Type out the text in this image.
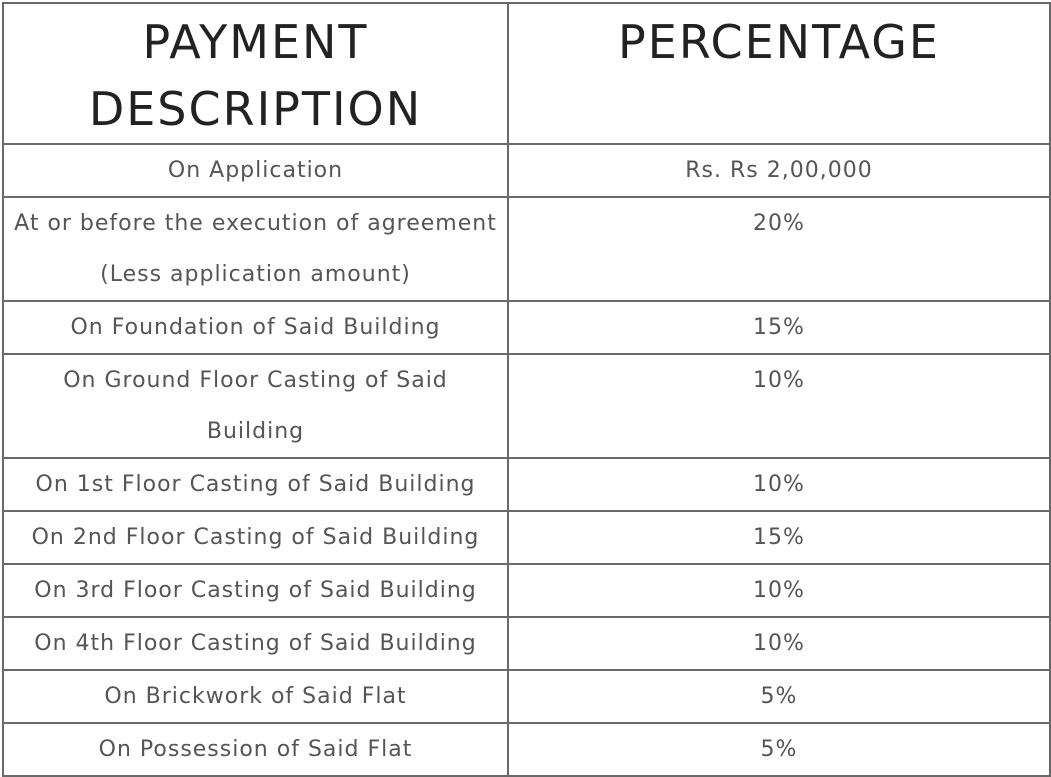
PAYMENT
DESCRIPTION	PERCENTAGE
On Application	Rs. Rs 2,00,000
At or before the execution of agreement
(Less application amount)	20%
On Foundation of Said Building	15%
On Ground Floor Casting of Said
Building	10%
On 1st Floor Casting of Said Building	10%
On 2nd Floor Casting of Said Building	15%
On 3rd Floor Casting of Said Building	10%
On 4th Floor Casting of Said Building	10%
On Brickwork of Said Flat	5%
On Possession of Said Flat	5%
